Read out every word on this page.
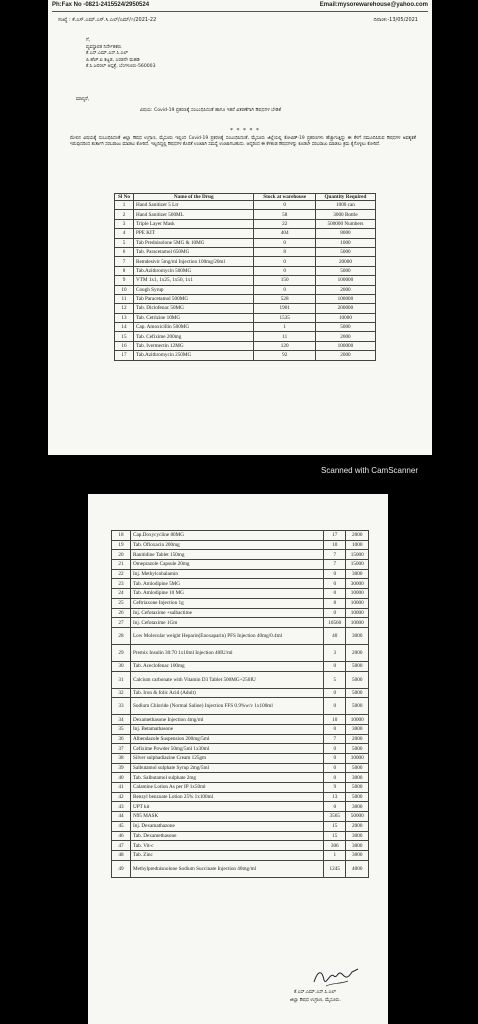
Ph:Fax No -0821-2415524/2950524	Email:mysorewarehouse@yahoo.com
ಸಂಖ್ಯೆ : ಕೆ.ಎಸ್.ಎಮ್.ಎಸ್.ಸಿ.ಎಲ್/ಎಮ್/೧/2021-22	ದಿನಾಂಕ:-13/05/2021
ಗೆ,
ವ್ಯವಸ್ಥಾಪಕ ನಿರ್ದೇಶಕರು
ಕೆ.ಎಸ್.ಎಮ್.ಎಸ್.ಸಿ.ಎಲ್
ಪಿ.ಹೆಚ್.ಐ ಕಟ್ಟಡ, ಎರಡನೇ ಮಹಡಿ
ಕೆ.ಸಿ.ಜನರಲ್ ಆಸ್ಪತ್ರೆ, ಬೆಂಗಳೂರು-560003
ಮಾನ್ಯರೆ,
ವಿಷಯ: Covid-19 ಪ್ರಕರಣಕ್ಕೆ ಸಂಬಂಧಿಸಿದಂತೆ ಹಾಗೂ ಇತರೆ ವಿತರಣೆಗಾಗಿ ಔಷಧಗಳ ಬೇಡಿಕೆ
* * * * *
ಮೇಲಿನ ವಿಷಯಕ್ಕೆ ಸಂಬಂಧಿಸಿದಂತೆ ಜಿಲ್ಲಾ ಔಷಧ ಉಗ್ರಾಣ, ಮೈಸೂರು ಇಲ್ಲಿಂದ Covid-19 ಪ್ರಕರಣಕ್ಕೆ ಸಂಬಂಧಿಸಿದಂತೆ, ಮೈಸೂರು ಜಿಲ್ಲೆಯಲ್ಲಿ ಕೋವಿಡ್-19 ಪ್ರಕರಣಗಳು ಹೆಚ್ಚಾಗುತ್ತಿದ್ದು ಈ ಕೆಳಗೆ ನಮೂದಿಸಿರುವ ಔಷಧಗಳ ಅವಶ್ಯಕತೆ ಇರುವುದರಿಂದ ತುರ್ತಾಗಿ ಸರಬರಾಜು ಮಾಡಲು ಕೋರಿದೆ. ಇಲ್ಲದಿದ್ದಲ್ಲಿ ಔಷಧಗಳ ಕೊರತೆ ಉಂಟಾಗಿ ಸಮಸ್ಯೆ ಉಂಟಾಗಬಹುದು. ಆದ್ದರಿಂದ ಈ ಕೆಳಕಂಡ ಔಷಧಗಳನ್ನು ಕೂಡಲೇ ಸರಬರಾಜು ಮಾಡಲು ಕ್ರಮ ಕೈಗೊಳ್ಳಲು ಕೋರಿದೆ.
Sl No	Name of the Drug	Stock at warehouse	Quantity Required
1	Hand Sanitizer 5 Ltr	0	1000 can
2	Hand Sanitizer 500ML	58	3000 Bottle
3	Triple Layer Mask	22	500000 Numbers
4	PPE KIT	404	8000
5	Tab Prednisolone 5MG & 10MG	0	1000
6	Tab. Paracetamol 650MG	8	5000
7	Remdesivir 5mg/ml Injection 100mg/20ml	0	20000
8	Tab.Azithromycin 500MG	0	5000
9	VTM 1x1, 1x25, 1x50, 1x1	150	100000
10	Cough Syrup	0	2000
11	Tab Paracetamol 500MG	528	100000
12	Tab. Diclofenac 50MG	1901	200000
13	Tab. Cetrizine 10MG	1535	10000
14	Cap. Amoxicillin 500MG	1	5000
15	Tab. Cefixime 200mg	11	2000
16	Tab. Ivermectin 12MG	120	100000
17	Tab.Azithromycin 250MG	92	2000
Scanned with CamScanner
18	Cap.Doxycycline 80MG	17	2000
19	Tab. Ofloxacin 200mg	10	1000
20	Ranitidine Tablet 150mg	7	15000
21	Omeprazole Capsule 20mg	7	15000
22	Inj. Methylcobalamin	0	3000
23	Tab. Amlodipine 5MG	0	30000
24	Tab. Amlodipine 10 MG	0	10000
25	Ceftriaxone Injection 1g	8	10000
26	Inj. Cefotaxime +salbactime	0	10000
27	Inj. Cefotaxime 1Gm	10560	10000
28	Low Molecular weight Heparin(Enoxaparin) PFS Injection 40mg/0.4ml	40	3000
29	Premix Insulin 30:70 1x10ml Injection 40IU/ml	3	2000
30	Tab. Aceclofenac 100mg	0	5000
31	Calcium carbonate with Vitamin D3 Tablet 500MG+250IU	5	5000
32	Tab. Iron & folic Acid (Adult)	0	5000
33	Sodium Chloride (Normal Saline) Injection FFS 0.9%w/v 1x100ml	0	5000
34	Dexamethasone Injection 4mg/ml	10	10000
35	Inj. Betamathasone	0	3000
36	Albendazole Suspension 200mg/5ml	7	2000
37	Cefixime Powder 50mg/5ml 1x30ml	0	5000
38	Silver sulphadiazine Cream 125gm	0	10000
39	Salbutamol sulphate Syrup 2mg/5ml	0	5000
40	Tab. Salbutamol sulphate 2mg	0	3000
41	Calamine Lotion As per IP 1x50ml	9	5000
42	Benzyl benzoate Lotion 25% 1x100ml	13	5000
43	UPT kit	0	3000
44	N95 MASK	3565	50000
45	Inj. Dexamathazone	15	2000
46	Tab. Dexamethasone	15	3000
47	Tab. Vit-c	306	3000
48	Tab. Zinc	1	3000
49	Methylprednisnolone Sodium Succinate Injection 40mg/ml	1245	4000
ಕೆ.ಎಸ್.ಎಮ್.ಎಸ್.ಸಿ.ಎಲ್
ಜಿಲ್ಲಾ ಔಷಧ ಉಗ್ರಾಣ, ಮೈಸೂರು.
